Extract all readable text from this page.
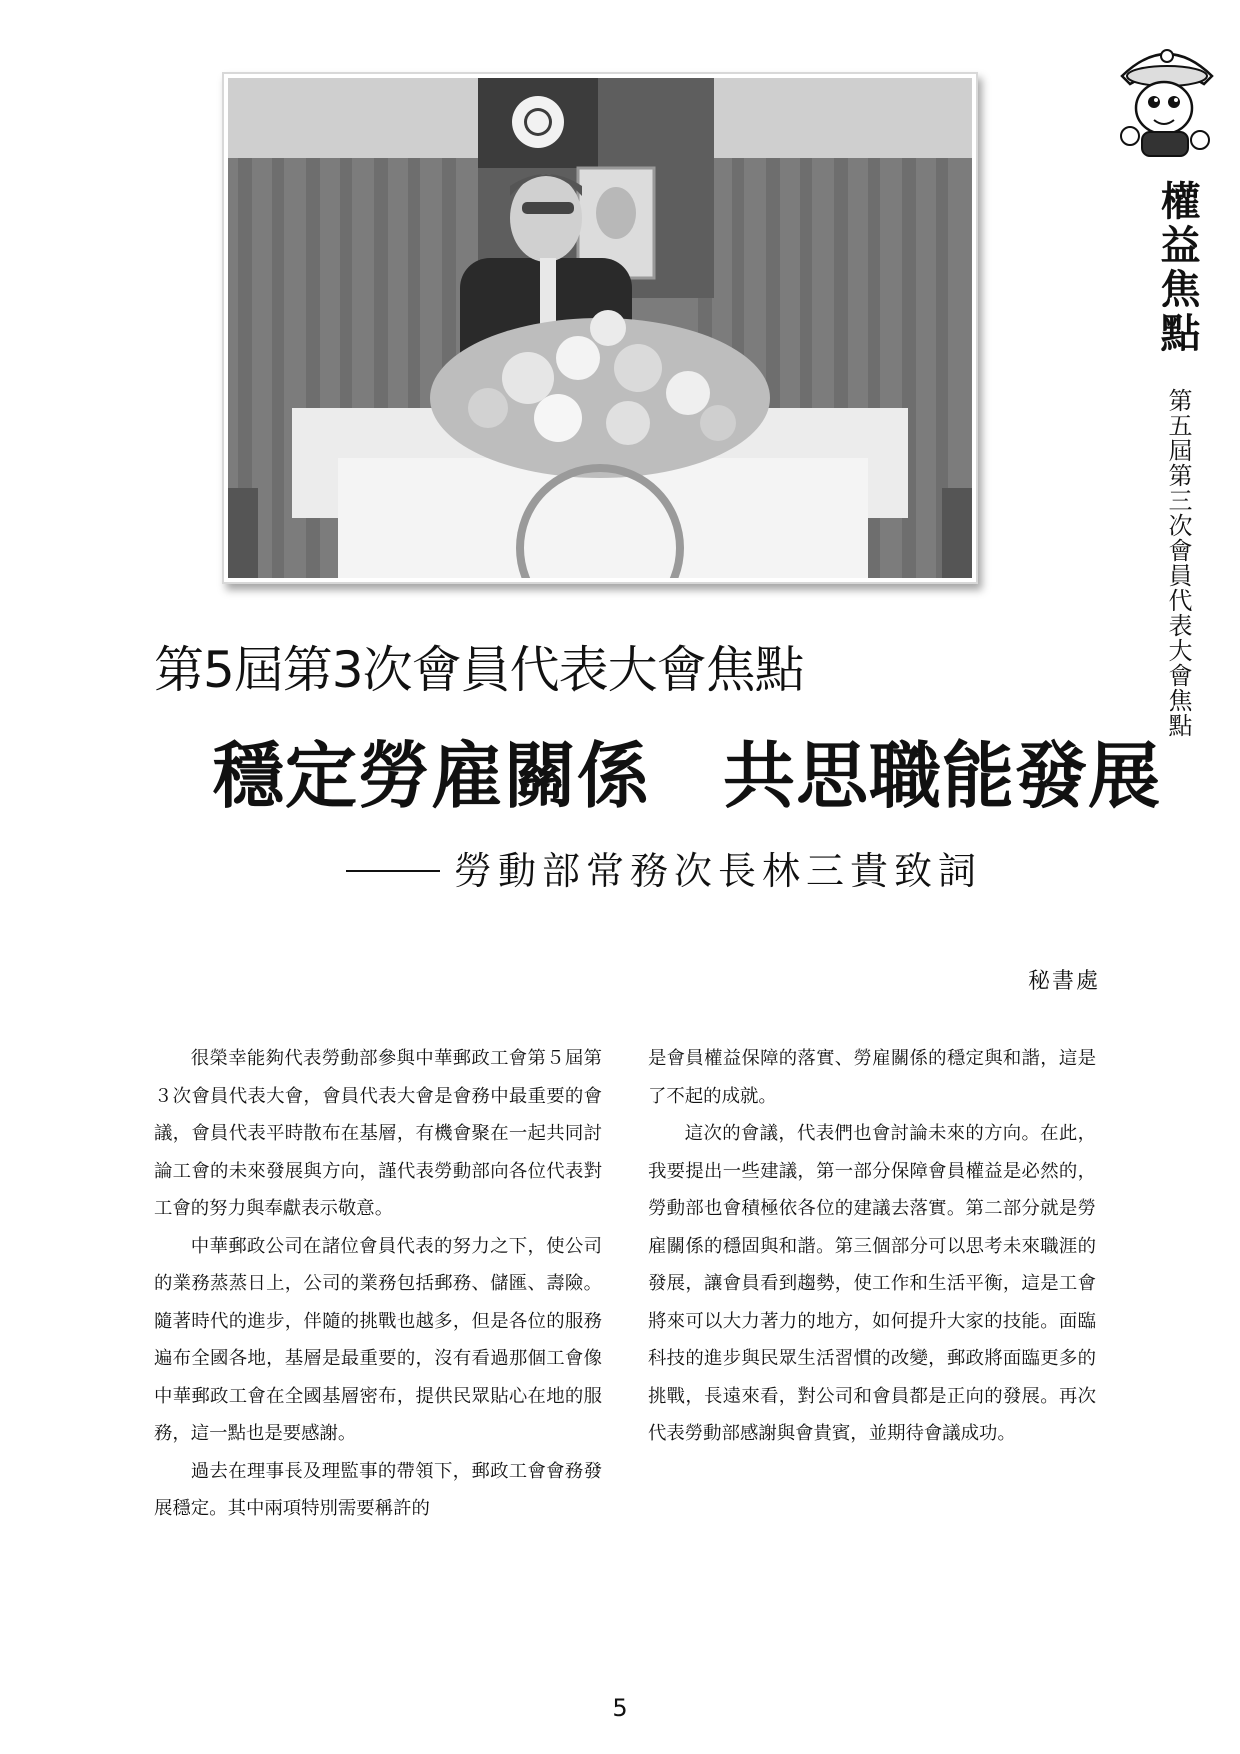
權益焦點
第五屆第三次會員代表大會焦點
第5屆第3次會員代表大會焦點
穩定勞雇關係　共思職能發展
勞動部常務次長林三貴致詞
秘書處

很榮幸能夠代表勞動部參與中華郵政工會第５屆第３次會員代表大會，會員代表大會是會務中最重要的會議，會員代表平時散布在基層，有機會聚在一起共同討論工會的未來發展與方向，謹代表勞動部向各位代表對工會的努力與奉獻表示敬意。

中華郵政公司在諸位會員代表的努力之下，使公司的業務蒸蒸日上，公司的業務包括郵務、儲匯、壽險。隨著時代的進步，伴隨的挑戰也越多，但是各位的服務遍布全國各地，基層是最重要的，沒有看過那個工會像中華郵政工會在全國基層密布，提供民眾貼心在地的服務，這一點也是要感謝。

過去在理事長及理監事的帶領下，郵政工會會務發展穩定。其中兩項特別需要稱許的

是會員權益保障的落實、勞雇關係的穩定與和諧，這是了不起的成就。

這次的會議，代表們也會討論未來的方向。在此，我要提出一些建議，第一部分保障會員權益是必然的，勞動部也會積極依各位的建議去落實。第二部分就是勞雇關係的穩固與和諧。第三個部分可以思考未來職涯的發展，讓會員看到趨勢，使工作和生活平衡，這是工會將來可以大力著力的地方，如何提升大家的技能。面臨科技的進步與民眾生活習慣的改變，郵政將面臨更多的挑戰，長遠來看，對公司和會員都是正向的發展。再次代表勞動部感謝與會貴賓，並期待會議成功。

5
